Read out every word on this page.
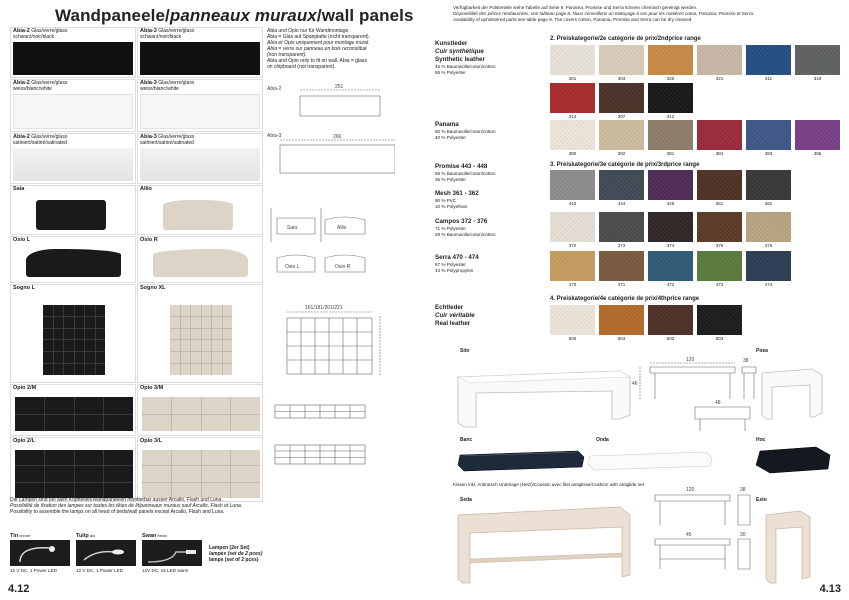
Wandpaneele/panneaux muraux/wall panels
Abia-2 Glas/verre/glass
schwarz/noir/black
Abia-3 Glas/verre/glass
schwarz/noir/black
Abia-2 Glas/verre/glass
weiss/blanc/white
Abia-3 Glas/verre/glass
weiss/blanc/white
Abia-2 Glas/verre/glass
satiniert/satiné/satinated
Abia-3 Glas/verre/glass
satiniert/satiné/satinated
Saia	Allio
Osio L	Osio R
Sogno L	Sogno XL
Opio 2/M	Opio 3/M
Opio 2/L	Opio 3/L
Abia und Opio nur für Wandmontage.
Abia = Glas auf Spanplatte (nicht transparent).
Abia et Opio uniquement pour montage mural.
Abia = verre sur panneau en bois reconstitué
(non transparent).
Abia and Opio only to fit on wall. Abia = glass
on chipboard (not transparent).
Abia-2
Abia-3
251
266
Saia	Allio
Osio L	Osio R
161/181/201/221
Die Lampen sind bei allen Kopfteilen/Wandpaneelen montierbar ausser Arcallo, Flash und Luna.
Possibilité de fixation des lampes sur toutes les têtes de lit/panneaux muraux sauf Arcallo, Flash et Luna.
Possibility to assemble the lamps on all head of beds/wall panels except Arcallo, Flash and Luna.
Tin chrom
12 V DC, 1 Power LED
Tulip alu
12 V DC, 1 Power LED
Swan freda
12V DC, 15 LED warm
Lampen (2er Set)
lampes (set de 2 pces)
lamps (set of 2 pces)
4.12
Verfügbarkeit der Polsterteile siehe Tabelle auf Seite 8. Panama, Promise und Serra können chemisch gereinigt werden.
Disponibilité des pièces rembourrées, voir tableau page 8. Nous conseillons un nettoyage à sec pour les matières coton, Panama, Promise et Serra.
Availability of upholstered parts see table page 8. The covers cotton, Panama, Promise and Serra can be dry cleaned.
2. Preiskategorie/2e catégorie de prix/2ndprice range
3. Preiskategorie/3e catégorie de prix/3rdprice range
4. Preiskategorie/4e catégorie de prix/4thprice range
Kunstleder
Cuir synthétique
Synthetic leather
45 % Baumwolle/coton/cotton
55 % Polyester
Panama
60 % Baumwolle/coton/cotton
40 % Polyester
Promise 443 - 448
65 % Baumwolle/coton/cotton
35 % Polyester
Mesh 361 - 362
90 % PVC
10 % Polyethan
Campos 372 - 376
71 % Polyester
29 % Baumwolle/coton/cotton
Serra 470 - 474
57 % Polyester
43 % Polypropylen
Echtleder
Cuir véritable
Real leather
301	303	320	321	311	319
314	307	312
380	382	381	384	383	385
443	444	448	361	362
372	373	374	375	376
470	471	472	473	474
500	504	502	503
Sito	Poea
Banc	Onda	Hoc
Seda	Esto
Kissen inkl. Antirutsch Unterlage (Netz)/Coussin avec filet antiglisse/Cushion with antiglide net
120
46
38
48
120	38
45	30
4.13
